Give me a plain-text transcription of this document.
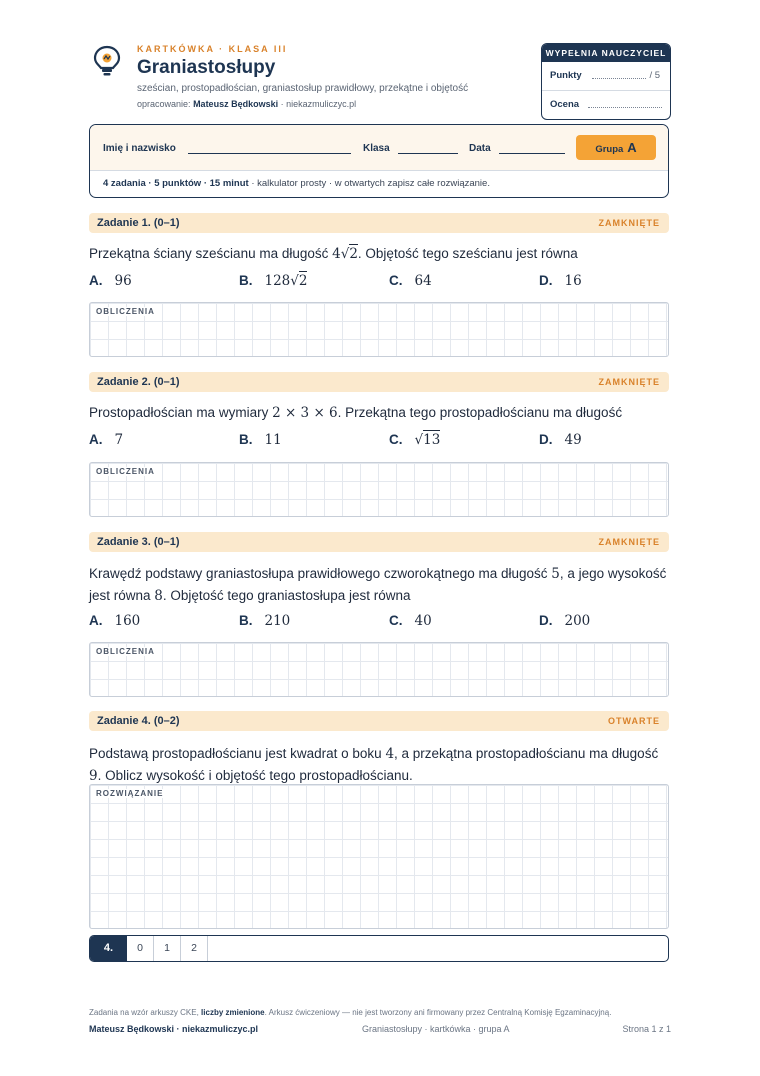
KARTKÓWKA · KLASA III
Graniastosłupy
sześcian, prostopadłościan, graniastosłup prawidłowy, przekątne i objętość
opracowanie: Mateusz Będkowski · niekazmuliczyc.pl
WYPEŁNIA NAUCZYCIEL
Punkty	/ 5
Ocena
Imię i nazwisko	Klasa	Data	Grupa A
4 zadania · 5 punktów · 15 minut · kalkulator prosty · w otwartych zapisz całe rozwiązanie.
Zadanie 1. (0–1)	ZAMKNIĘTE
Przekątna ściany sześcianu ma długość 4√2. Objętość tego sześcianu jest równa
A. 96	B. 128√2	C. 64	D. 16
OBLICZENIA
Zadanie 2. (0–1)	ZAMKNIĘTE
Prostopadłościan ma wymiary 2 × 3 × 6. Przekątna tego prostopadłościanu ma długość
A. 7	B. 11	C. √13	D. 49
OBLICZENIA
Zadanie 3. (0–1)	ZAMKNIĘTE
Krawędź podstawy graniastosłupa prawidłowego czworokątnego ma długość 5, a jego wysokość jest równa 8. Objętość tego graniastosłupa jest równa
A. 160	B. 210	C. 40	D. 200
OBLICZENIA
Zadanie 4. (0–2)	OTWARTE
Podstawą prostopadłościanu jest kwadrat o boku 4, a przekątna prostopadłościanu ma długość 9. Oblicz wysokość i objętość tego prostopadłościanu.
ROZWIĄZANIE
4.	0	1	2
Zadania na wzór arkuszy CKE, liczby zmienione. Arkusz ćwiczeniowy — nie jest tworzony ani firmowany przez Centralną Komisję Egzaminacyjną.
Mateusz Będkowski · niekazmuliczyc.pl	Graniastosłupy · kartkówka · grupa A	Strona 1 z 1
